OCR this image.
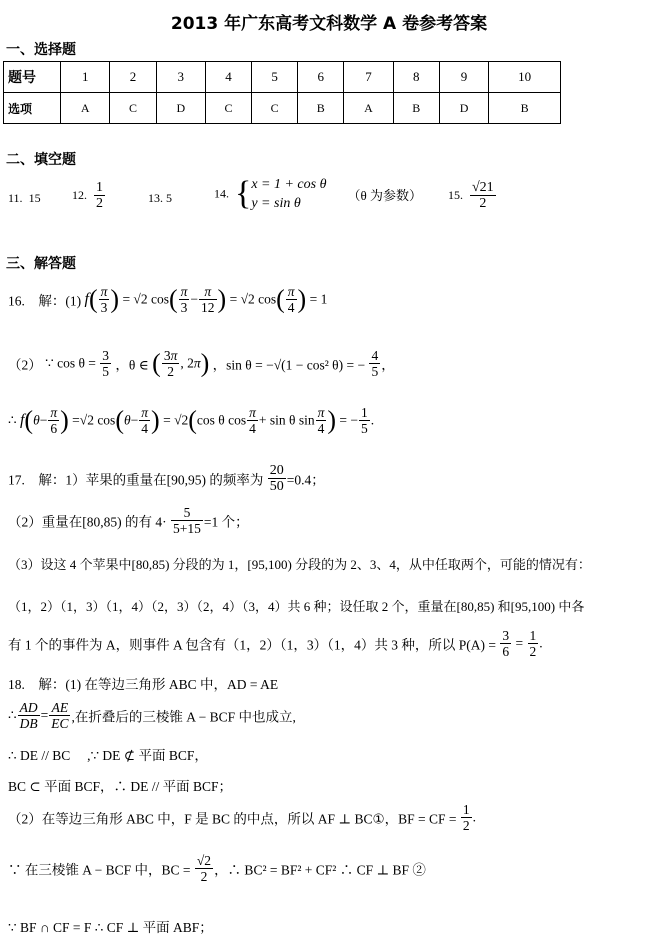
2013 年广东高考文科数学 A 卷参考答案
一、选择题
题号	1	2	3	4	5	6	7	8	9	10
选项	A	C	D	C	C	B	A	B	D	B
二、填空题
11. 15	12. $\frac{1}{2}$	13. 5	14. { x = 1 + cos θ
y = sin θ
（θ 为参数） 15. $\frac{√21}{2}$
三、解答题
16.　解：(1) $f( \frac{\pi}{3}$ ) = √2 $\cos( \frac{\pi}{3} - \frac{\pi}{12}$ ) = √2 $\cos( \frac{\pi}{4}$ ) = 1
（2） ∵ $\cos \theta = \frac{3}{5}$ ，θ ∈ ( $\frac{3\pi}{2}$ , 2π) ，sin θ = −√(1 − cos² θ) = − $\frac{4}{5}$ ，
∴ $f(\theta- \frac{\pi}{6}$ ) =√2 $\cos(\theta- \frac{\pi}{4}$ ) = √2(cos θ $\cos \frac{\pi}{4} + \sin \theta$ $\sin \frac{\pi}{4}$ ) = − $\frac{1}{5}$ .
17.　解：1）苹果的重量在[90,95) 的频率为 $\frac{20}{50} =0.4$；
（2）重量在[80,85) 的有 $4\cdot \frac{5}{5+15} =1$ 个；
（3）设这 4 个苹果中[80,85) 分段的为 1，[95,100) 分段的为 2、3、4，从中任取两个，可能的情况有：
（1，2）（1，3）（1，4）（2，3）（2，4）（3，4）共 6 种；设任取 2 个，重量在[80,85) 和[95,100) 中各
有 1 个的事件为 A，则事件 A 包含有（1，2）（1，3）（1，4）共 3 种，所以 $P(A) = \frac{3}{6} = \frac{1}{2}$ .
18.　解：(1) 在等边三角形 ABC 中，AD = AE
∴ $\frac{AD}{DB} = \frac{AE}{EC}$ ,在折叠后的三棱锥 A − BCF 中也成立,
∴ DE // BC 　,∵ DE ⊄ 平面 BCF，
BC ⊂ 平面 BCF，∴ DE // 平面 BCF；
（2）在等边三角形 ABC 中，F 是 BC 的中点，所以 AF ⊥ BC①，BF = CF = $\frac{1}{2}$ .
∵ 在三棱锥 A − BCF 中，BC = $\frac{√2}{2}$ ，∴ BC² = BF² + CF² ∴ CF ⊥ BF ②
∵ BF ∩ CF = F ∴ CF ⊥ 平面 ABF；
